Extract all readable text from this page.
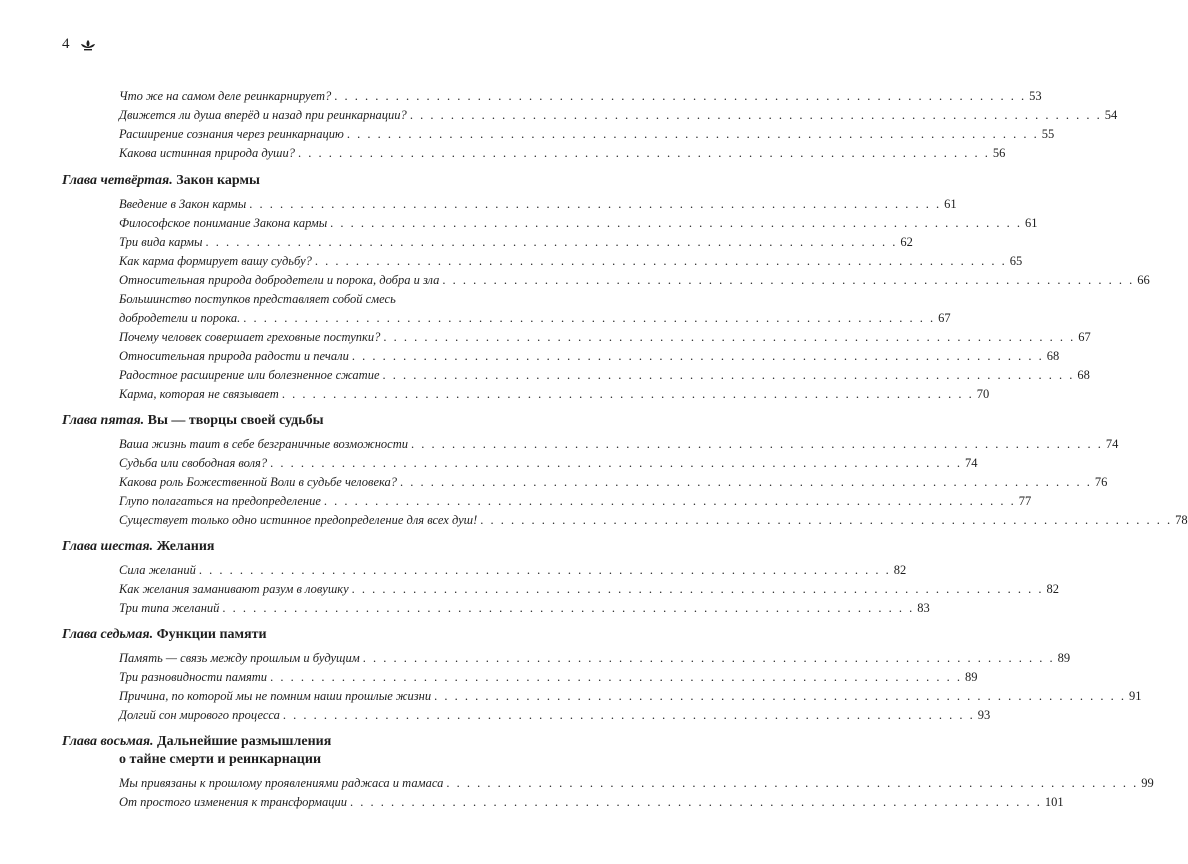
4
Что же на самом деле реинкарнирует? . . . . . . . . . . . . . . . . . . . . . . . . . . . . . . . . . . . . . . . . . . . . . . . . . . . . . . . . . . . . . . . . . . . . 53
Движется ли душа вперёд и назад при реинкарнации? . . . . . . . . . . . . . . . . . . . . . . . . . . . . . . . . . . . . . . . . . . . . . . . . . . . . . . . . . . . . . . . . . . . . 54
Расширение сознания через реинкарнацию . . . . . . . . . . . . . . . . . . . . . . . . . . . . . . . . . . . . . . . . . . . . . . . . . . . . . . . . . . . . . . . . . . . . 55
Какова истинная природа души? . . . . . . . . . . . . . . . . . . . . . . . . . . . . . . . . . . . . . . . . . . . . . . . . . . . . . . . . . . . . . . . . . . . . 56
Глава четвёртая. Закон кармы
Введение в Закон кармы . . . . . . . . . . . . . . . . . . . . . . . . . . . . . . . . . . . . . . . . . . . . . . . . . . . . . . . . . . . . . . . . . . . . 61
Философское понимание Закона кармы . . . . . . . . . . . . . . . . . . . . . . . . . . . . . . . . . . . . . . . . . . . . . . . . . . . . . . . . . . . . . . . . . . . . 61
Три вида кармы . . . . . . . . . . . . . . . . . . . . . . . . . . . . . . . . . . . . . . . . . . . . . . . . . . . . . . . . . . . . . . . . . . . . 62
Как карма формирует вашу судьбу? . . . . . . . . . . . . . . . . . . . . . . . . . . . . . . . . . . . . . . . . . . . . . . . . . . . . . . . . . . . . . . . . . . . . 65
Относительная природа добродетели и порока, добра и зла . . . . . . . . . . . . . . . . . . . . . . . . . . . . . . . . . . . . . . . . . . . . . . . . . . . . . . . . . . . . . . . . . . . . 66
Большинство поступков представляет собой смесь
добродетели и порока. . . . . . . . . . . . . . . . . . . . . . . . . . . . . . . . . . . . . . . . . . . . . . . . . . . . . . . . . . . . . . . . . . . . . 67
Почему человек совершает греховные поступки? . . . . . . . . . . . . . . . . . . . . . . . . . . . . . . . . . . . . . . . . . . . . . . . . . . . . . . . . . . . . . . . . . . . . 67
Относительная природа радости и печали . . . . . . . . . . . . . . . . . . . . . . . . . . . . . . . . . . . . . . . . . . . . . . . . . . . . . . . . . . . . . . . . . . . . 68
Радостное расширение или болезненное сжатие . . . . . . . . . . . . . . . . . . . . . . . . . . . . . . . . . . . . . . . . . . . . . . . . . . . . . . . . . . . . . . . . . . . . 68
Карма, которая не связывает . . . . . . . . . . . . . . . . . . . . . . . . . . . . . . . . . . . . . . . . . . . . . . . . . . . . . . . . . . . . . . . . . . . . 70
Глава пятая. Вы — творцы своей судьбы
Ваша жизнь таит в себе безграничные возможности . . . . . . . . . . . . . . . . . . . . . . . . . . . . . . . . . . . . . . . . . . . . . . . . . . . . . . . . . . . . . . . . . . . . 74
Судьба или свободная воля? . . . . . . . . . . . . . . . . . . . . . . . . . . . . . . . . . . . . . . . . . . . . . . . . . . . . . . . . . . . . . . . . . . . . 74
Какова роль Божественной Воли в судьбе человека? . . . . . . . . . . . . . . . . . . . . . . . . . . . . . . . . . . . . . . . . . . . . . . . . . . . . . . . . . . . . . . . . . . . . 76
Глупо полагаться на предопределение . . . . . . . . . . . . . . . . . . . . . . . . . . . . . . . . . . . . . . . . . . . . . . . . . . . . . . . . . . . . . . . . . . . . 77
Существует только одно истинное предопределение для всех душ! . . . . . . . . . . . . . . . . . . . . . . . . . . . . . . . . . . . . . . . . . . . . . . . . . . . . . . . . . . . . . . . . . . . . 78
Глава шестая. Желания
Сила желаний . . . . . . . . . . . . . . . . . . . . . . . . . . . . . . . . . . . . . . . . . . . . . . . . . . . . . . . . . . . . . . . . . . . . 82
Как желания заманивают разум в ловушку . . . . . . . . . . . . . . . . . . . . . . . . . . . . . . . . . . . . . . . . . . . . . . . . . . . . . . . . . . . . . . . . . . . . 82
Три типа желаний . . . . . . . . . . . . . . . . . . . . . . . . . . . . . . . . . . . . . . . . . . . . . . . . . . . . . . . . . . . . . . . . . . . . 83
Глава седьмая. Функции памяти
Память — связь между прошлым и будущим . . . . . . . . . . . . . . . . . . . . . . . . . . . . . . . . . . . . . . . . . . . . . . . . . . . . . . . . . . . . . . . . . . . . 89
Три разновидности памяти . . . . . . . . . . . . . . . . . . . . . . . . . . . . . . . . . . . . . . . . . . . . . . . . . . . . . . . . . . . . . . . . . . . . 89
Причина, по которой мы не помним наши прошлые жизни . . . . . . . . . . . . . . . . . . . . . . . . . . . . . . . . . . . . . . . . . . . . . . . . . . . . . . . . . . . . . . . . . . . . 91
Долгий сон мирового процесса . . . . . . . . . . . . . . . . . . . . . . . . . . . . . . . . . . . . . . . . . . . . . . . . . . . . . . . . . . . . . . . . . . . . 93
Глава восьмая. Дальнейшие размышления
о тайне смерти и реинкарнации
Мы привязаны к прошлому проявлениями раджаса и тамаса . . . . . . . . . . . . . . . . . . . . . . . . . . . . . . . . . . . . . . . . . . . . . . . . . . . . . . . . . . . . . . . . . . . . 99
От простого изменения к трансформации . . . . . . . . . . . . . . . . . . . . . . . . . . . . . . . . . . . . . . . . . . . . . . . . . . . . . . . . . . . . . . . . . . . . 101
